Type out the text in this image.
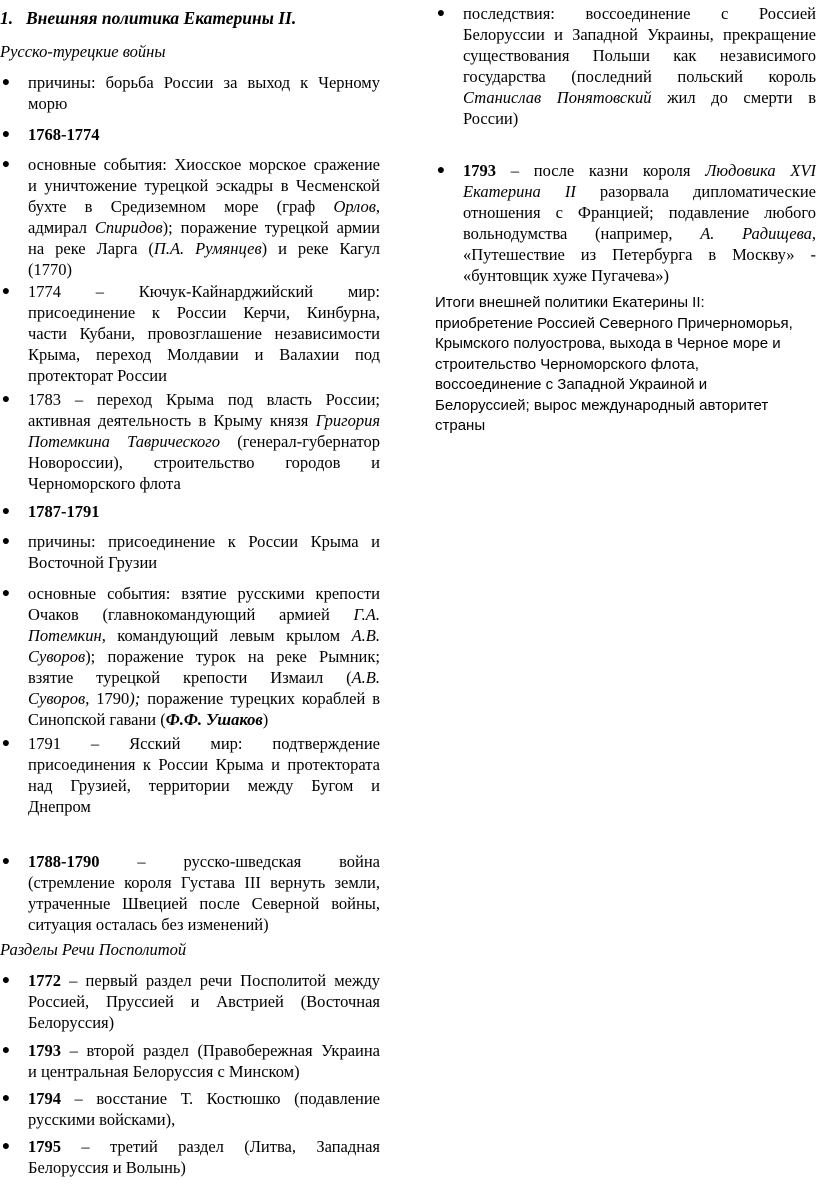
1. Внешняя политика Екатерины II.
Русско-турецкие войны
● причины: борьба России за выход к Черному
морю
● 1768-1774
● основные события: Хиосское морское сражение
и уничтожение турецкой эскадры в Чесменской
бухте в Средиземном море (граф Орлов,
адмирал Спиридов); поражение турецкой армии
на реке Ларга (П.А. Румянцев) и реке Кагул
(1770)
● 1774 – Кючук-Кайнарджийский мир:
присоединение к России Керчи, Кинбурна,
части Кубани, провозглашение независимости
Крыма, переход Молдавии и Валахии под
протекторат России
● 1783 – переход Крыма под власть России;
активная деятельность в Крыму князя Григория
Потемкина Таврического (генерал-губернатор
Новороссии), строительство городов и
Черноморского флота
● 1787-1791
● причины: присоединение к России Крыма и
Восточной Грузии
● основные события: взятие русскими крепости
Очаков (главнокомандующий армией Г.А.
Потемкин, командующий левым крылом А.В.
Суворов); поражение турок на реке Рымник;
взятие турецкой крепости Измаил (А.В.
Суворов, 1790); поражение турецких кораблей в
Синопской гавани (Ф.Ф. Ушаков)
● 1791 – Ясский мир: подтверждение
присоединения к России Крыма и протектората
над Грузией, территории между Бугом и
Днепром
● 1788-1790 – русско-шведская война
(стремление короля Густава III вернуть земли,
утраченные Швецией после Северной войны,
ситуация осталась без изменений)
Разделы Речи Посполитой
● 1772 – первый раздел речи Посполитой между
Россией, Пруссией и Австрией (Восточная
Белоруссия)
● 1793 – второй раздел (Правобережная Украина
и центральная Белоруссия с Минском)
● 1794 – восстание Т. Костюшко (подавление
русскими войсками),
● 1795 – третий раздел (Литва, Западная
Белоруссия и Волынь)
● последствия: воссоединение с Россией
Белоруссии и Западной Украины, прекращение
существования Польши как независимого
государства (последний польский король
Станислав Понятовский жил до смерти в
России)
● 1793 – после казни короля Людовика XVI
Екатерина II разорвала дипломатические
отношения с Францией; подавление любого
вольнодумства (например, А. Радищева,
«Путешествие из Петербурга в Москву» -
«бунтовщик хуже Пугачева»)
Итоги внешней политики Екатерины II:
приобретение Россией Северного Причерноморья,
Крымского полуострова, выхода в Черное море и
строительство Черноморского флота,
воссоединение с Западной Украиной и
Белоруссией; вырос международный авторитет
страны
